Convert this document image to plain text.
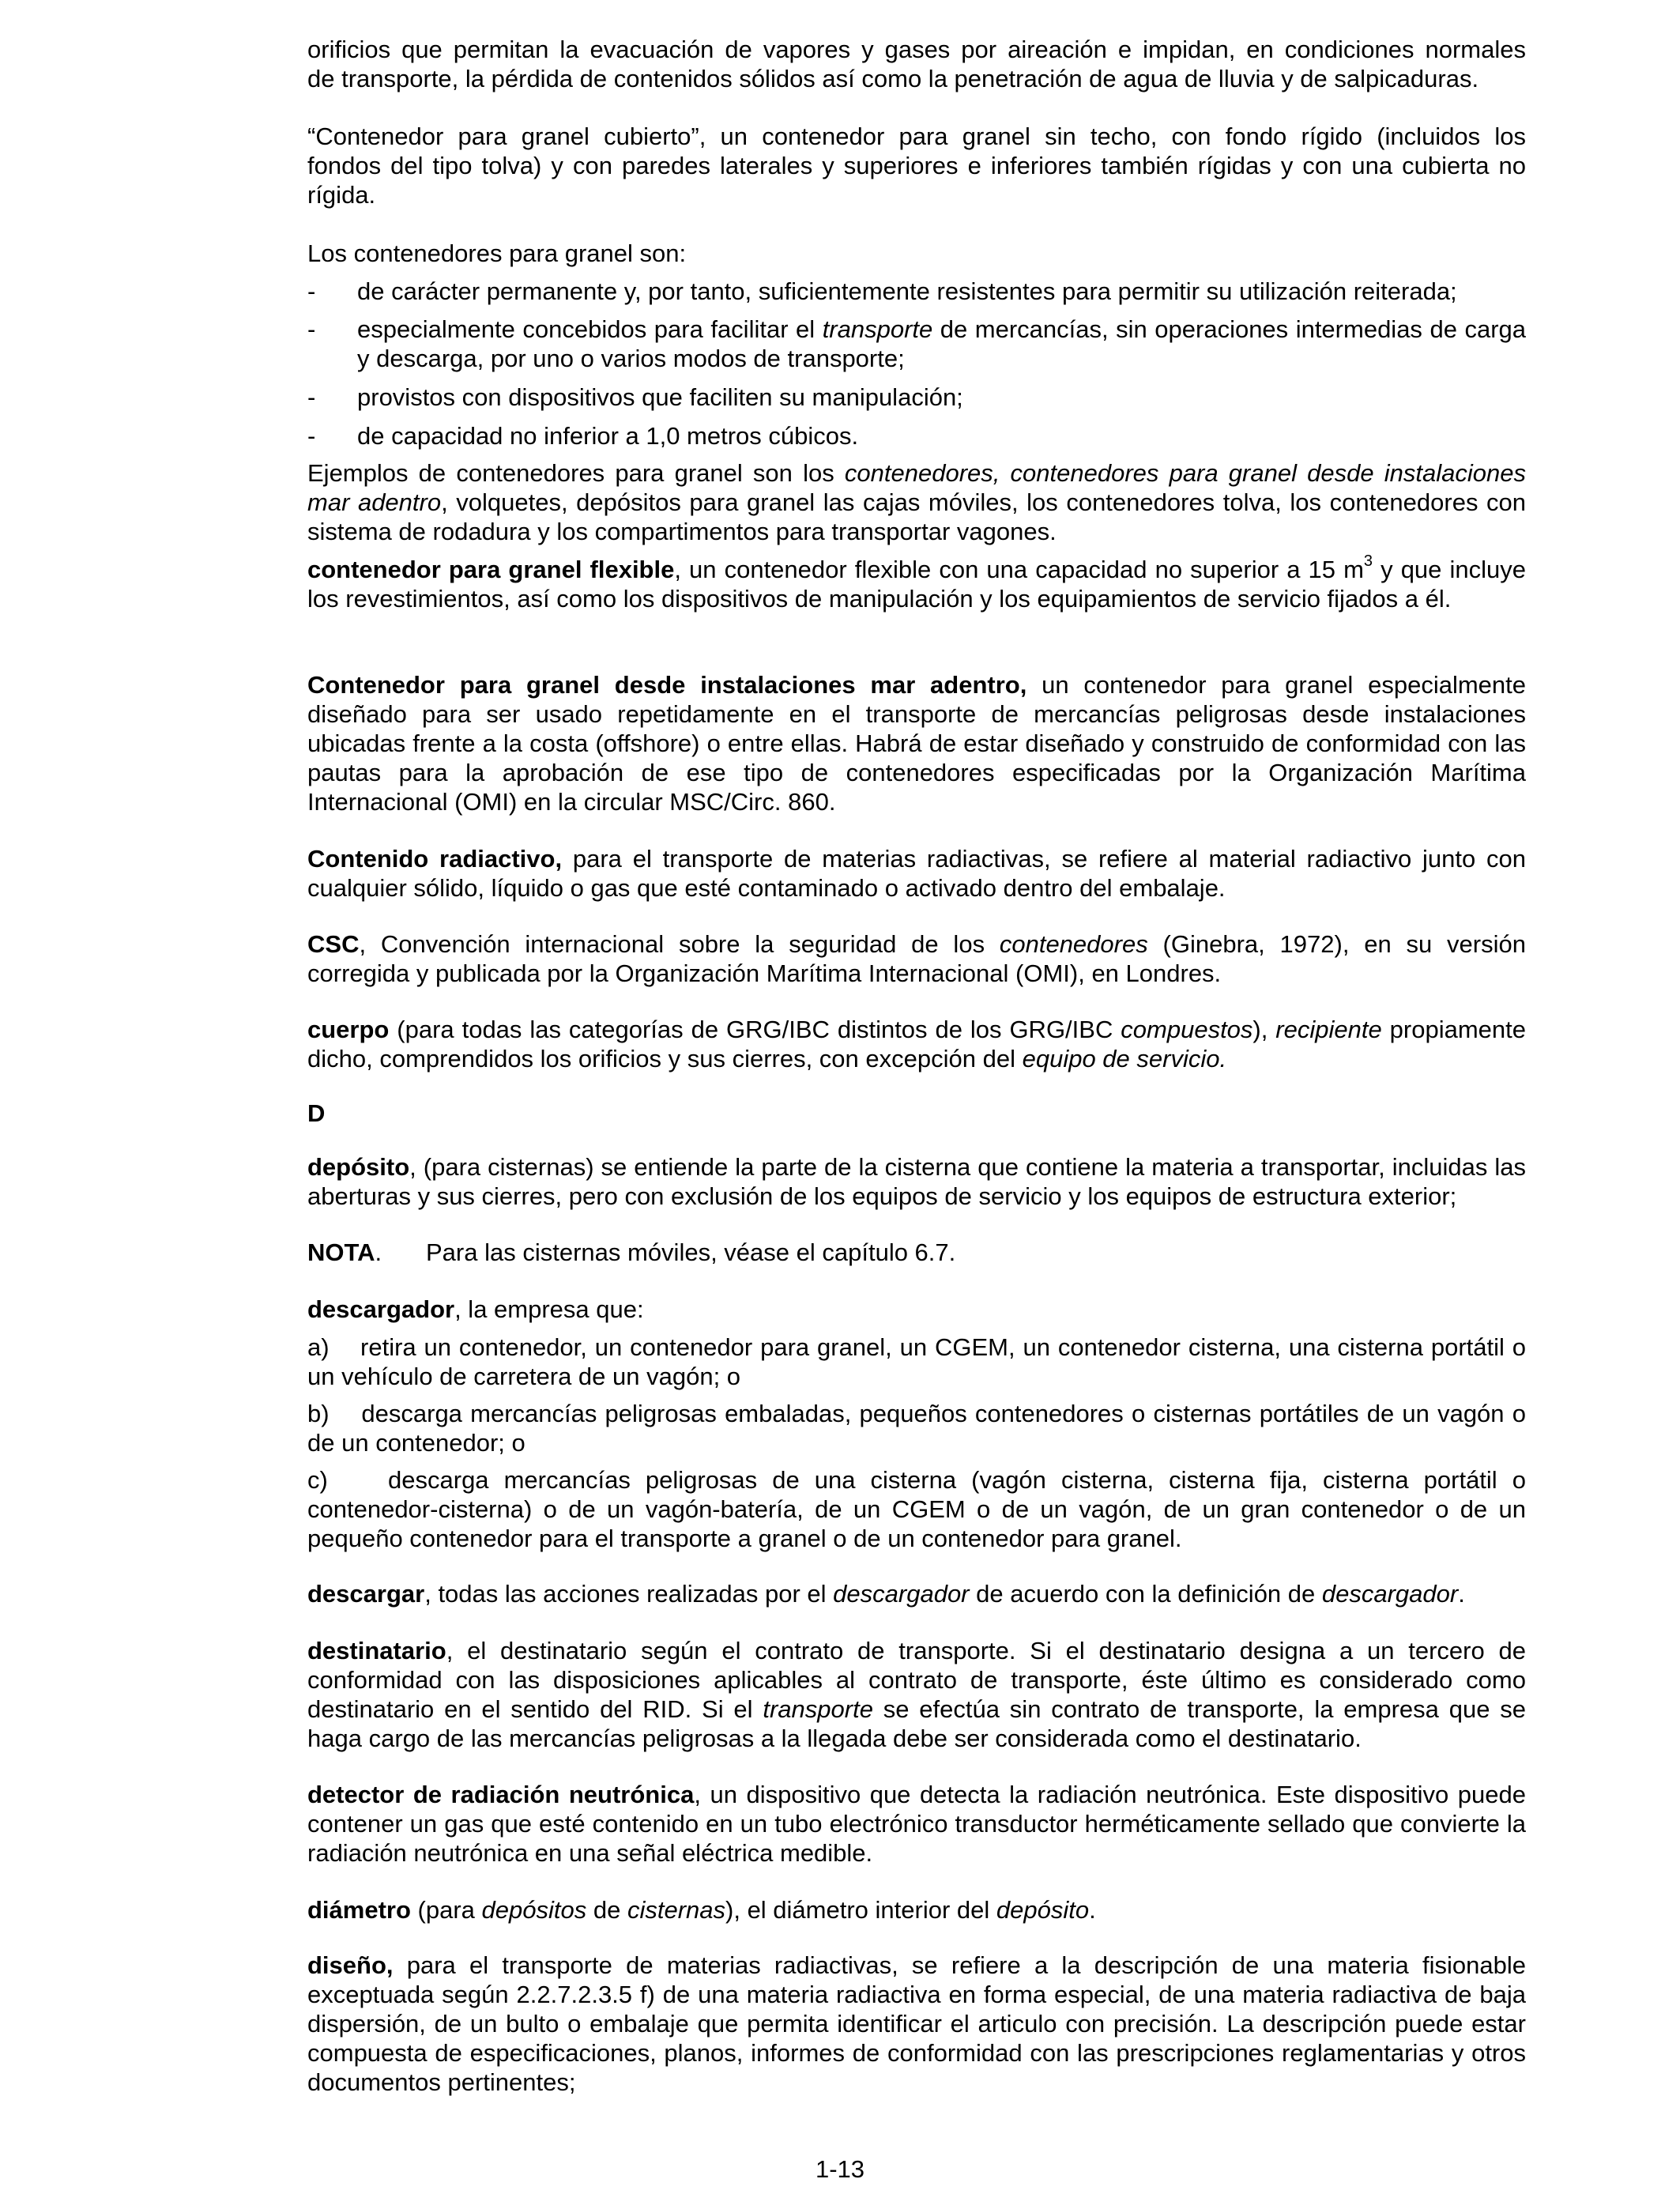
orificios que permitan la evacuación de vapores y gases por aireación e impidan, en condiciones normales
de transporte, la pérdida de contenidos sólidos así como la penetración de agua de lluvia y de salpicaduras.
“Contenedor para granel cubierto”, un contenedor para granel sin techo, con fondo rígido (incluidos los
fondos del tipo tolva) y con paredes laterales y superiores e inferiores también rígidas y con una cubierta no
rígida.

Los contenedores para granel son:

- de carácter permanente y, por tanto, suficientemente resistentes para permitir su utilización reiterada;
- especialmente concebidos para facilitar el transporte de mercancías, sin operaciones intermedias de carga y descarga, por uno o varios modos de transporte;
- provistos con dispositivos que faciliten su manipulación;
- de capacidad no inferior a 1,0 metros cúbicos.

Ejemplos de contenedores para granel son los contenedores, contenedores para granel desde instalaciones mar adentro, volquetes, depósitos para granel las cajas móviles, los contenedores tolva, los contenedores con sistema de rodadura y los compartimentos para transportar vagones.

contenedor para granel flexible, un contenedor flexible con una capacidad no superior a 15 $m^3$ y que incluye los revestimientos, así como los dispositivos de manipulación y los equipamientos de servicio fijados a él.

Contenedor para granel desde instalaciones mar adentro, un contenedor para granel especialmente diseñado para ser usado repetidamente en el transporte de mercancías peligrosas desde instalaciones ubicadas frente a la costa (offshore) o entre ellas. Habrá de estar diseñado y construido de conformidad con las pautas para la aprobación de ese tipo de contenedores especificadas por la Organización Marítima Internacional (OMI) en la circular MSC/Circ. 860.

Contenido radiactivo, para el transporte de materias radiactivas, se refiere al material radiactivo junto con cualquier sólido, líquido o gas que esté contaminado o activado dentro del embalaje.

CSC, Convención internacional sobre la seguridad de los contenedores (Ginebra, 1972), en su versión corregida y publicada por la Organización Marítima Internacional (OMI), en Londres.

cuerpo (para todas las categorías de GRG/IBC distintos de los GRG/IBC compuestos), recipiente propiamente dicho, comprendidos los orificios y sus cierres, con excepción del equipo de servicio.

D

depósito, (para cisternas) se entiende la parte de la cisterna que contiene la materia a transportar, incluidas las aberturas y sus cierres, pero con exclusión de los equipos de servicio y los equipos de estructura exterior;

NOTA. Para las cisternas móviles, véase el capítulo 6.7.

descargador, la empresa que:

a)    retira un contenedor, un contenedor para granel, un CGEM, un contenedor cisterna, una cisterna portátil o un vehículo de carretera de un vagón; o

b)    descarga mercancías peligrosas embaladas, pequeños contenedores o cisternas portátiles de un vagón o de un contenedor; o

c)    descarga mercancías peligrosas de una cisterna (vagón cisterna, cisterna fija, cisterna portátil o contenedor-cisterna) o de un vagón-batería, de un CGEM o de un vagón, de un gran contenedor o de un pequeño contenedor para el transporte a granel o de un contenedor para granel.

descargar, todas las acciones realizadas por el descargador de acuerdo con la definición de descargador.

destinatario, el destinatario según el contrato de transporte. Si el destinatario designa a un tercero de conformidad con las disposiciones aplicables al contrato de transporte, éste último es considerado como destinatario en el sentido del RID. Si el transporte se efectúa sin contrato de transporte, la empresa que se haga cargo de las mercancías peligrosas a la llegada debe ser considerada como el destinatario.

detector de radiación neutrónica, un dispositivo que detecta la radiación neutrónica. Este dispositivo puede contener un gas que esté contenido en un tubo electrónico transductor herméticamente sellado que convierte la radiación neutrónica en una señal eléctrica medible.

diámetro (para depósitos de cisternas), el diámetro interior del depósito.

diseño, para el transporte de materias radiactivas, se refiere a la descripción de una materia fisionable exceptuada según 2.2.7.2.3.5 f) de una materia radiactiva en forma especial, de una materia radiactiva de baja dispersión, de un bulto o embalaje que permita identificar el articulo con precisión. La descripción puede estar compuesta de especificaciones, planos, informes de conformidad con las prescripciones reglamentarias y otros documentos pertinentes;

1-13
